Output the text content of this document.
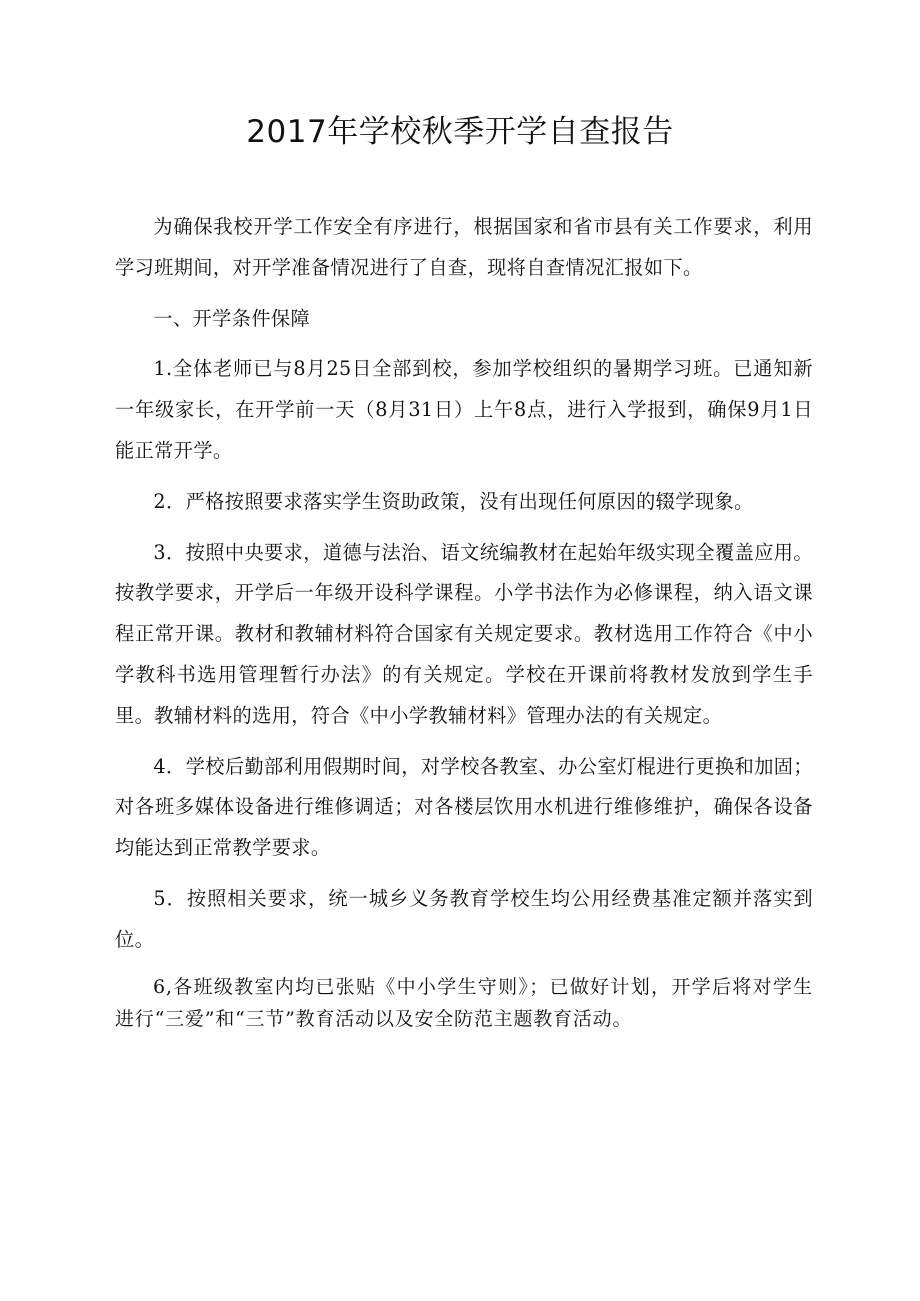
2017年学校秋季开学自查报告

为确保我校开学工作安全有序进行，根据国家和省市县有关工作要求，利用学习班期间，对开学准备情况进行了自查，现将自查情况汇报如下。

一、开学条件保障

1.全体老师已与8月25日全部到校，参加学校组织的暑期学习班。已通知新一年级家长，在开学前一天（8月31日）上午8点，进行入学报到，确保9月1日能正常开学。

2．严格按照要求落实学生资助政策，没有出现任何原因的辍学现象。

3．按照中央要求，道德与法治、语文统编教材在起始年级实现全覆盖应用。按教学要求，开学后一年级开设科学课程。小学书法作为必修课程，纳入语文课程正常开课。教材和教辅材料符合国家有关规定要求。教材选用工作符合《中小学教科书选用管理暂行办法》的有关规定。学校在开课前将教材发放到学生手里。教辅材料的选用，符合《中小学教辅材料》管理办法的有关规定。

4．学校后勤部利用假期时间，对学校各教室、办公室灯棍进行更换和加固；对各班多媒体设备进行维修调适；对各楼层饮用水机进行维修维护，确保各设备均能达到正常教学要求。

5．按照相关要求，统一城乡义务教育学校生均公用经费基准定额并落实到位。

6,各班级教室内均已张贴《中小学生守则》；已做好计划，开学后将对学生进行“三爱”和“三节”教育活动以及安全防范主题教育活动。
